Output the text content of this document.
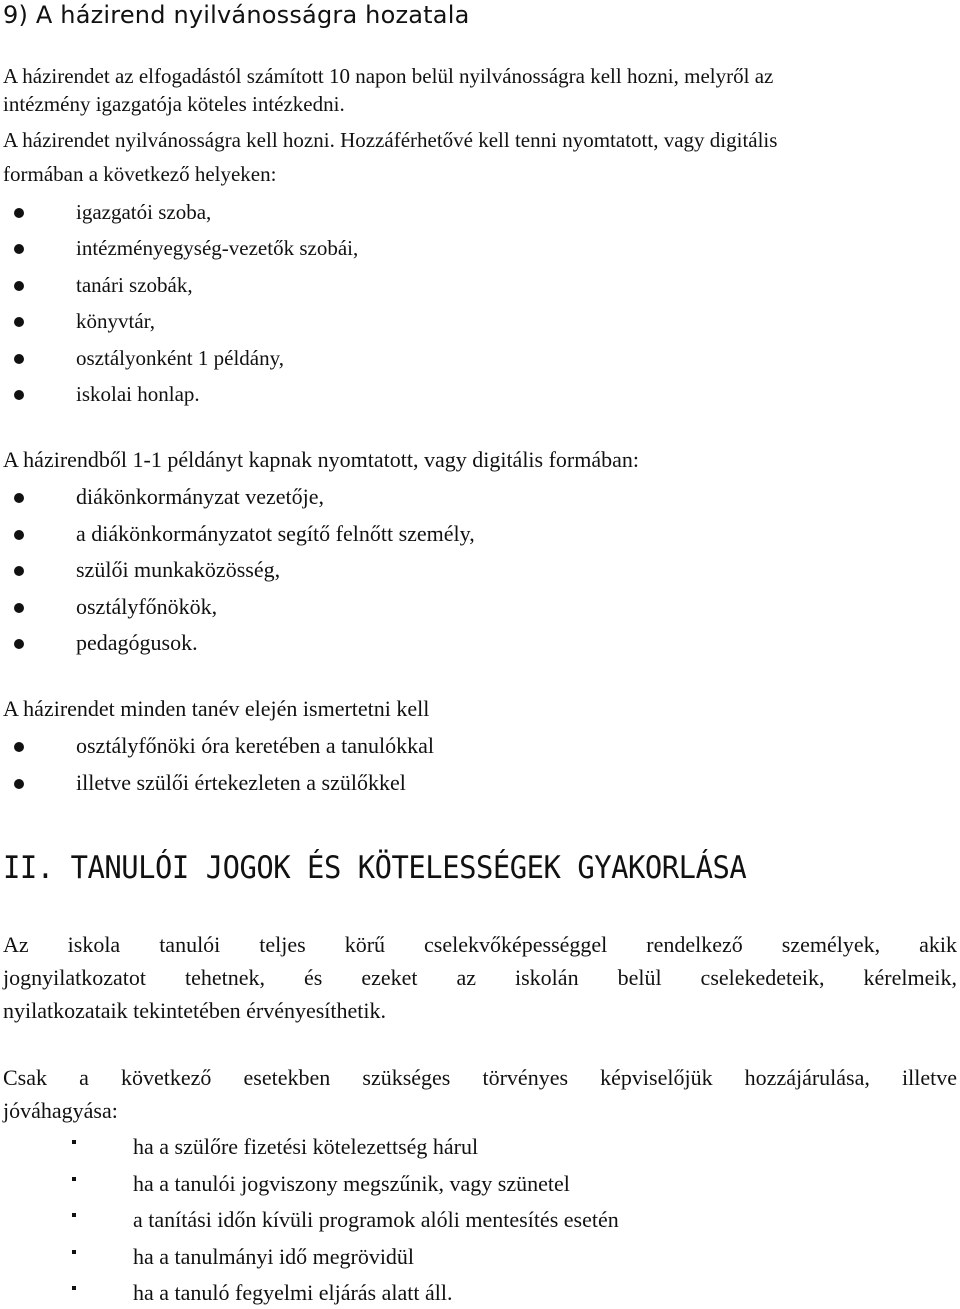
9) A házirend nyilvánosságra hozatala
A házirendet az elfogadástól számított 10 napon belül nyilvánosságra kell hozni, melyről az
intézmény igazgatója köteles intézkedni.
A házirendet nyilvánosságra kell hozni. Hozzáférhetővé kell tenni nyomtatott, vagy digitális
formában a következő helyeken:
igazgatói szoba,
intézményegység-vezetők szobái,
tanári szobák,
könyvtár,
osztályonként 1 példány,
iskolai honlap.
A házirendből 1-1 példányt kapnak nyomtatott, vagy digitális formában:
diákönkormányzat vezetője,
a diákönkormányzatot segítő felnőtt személy,
szülői munkaközösség,
osztályfőnökök,
pedagógusok.
A házirendet minden tanév elején ismertetni kell
osztályfőnöki óra keretében a tanulókkal
illetve szülői értekezleten a szülőkkel
II. TANULÓI JOGOK ÉS KÖTELESSÉGEK GYAKORLÁSA
Az iskola tanulói teljes körű cselekvőképességgel rendelkező személyek, akik
jognyilatkozatot tehetnek, és ezeket az iskolán belül cselekedeteik, kérelmeik,
nyilatkozataik tekintetében érvényesíthetik.
Csak a következő esetekben szükséges törvényes képviselőjük hozzájárulása, illetve
jóváhagyása:
ha a szülőre fizetési kötelezettség hárul
ha a tanulói jogviszony megszűnik, vagy szünetel
a tanítási időn kívüli programok alóli mentesítés esetén
ha a tanulmányi idő megrövidül
ha a tanuló fegyelmi eljárás alatt áll.
